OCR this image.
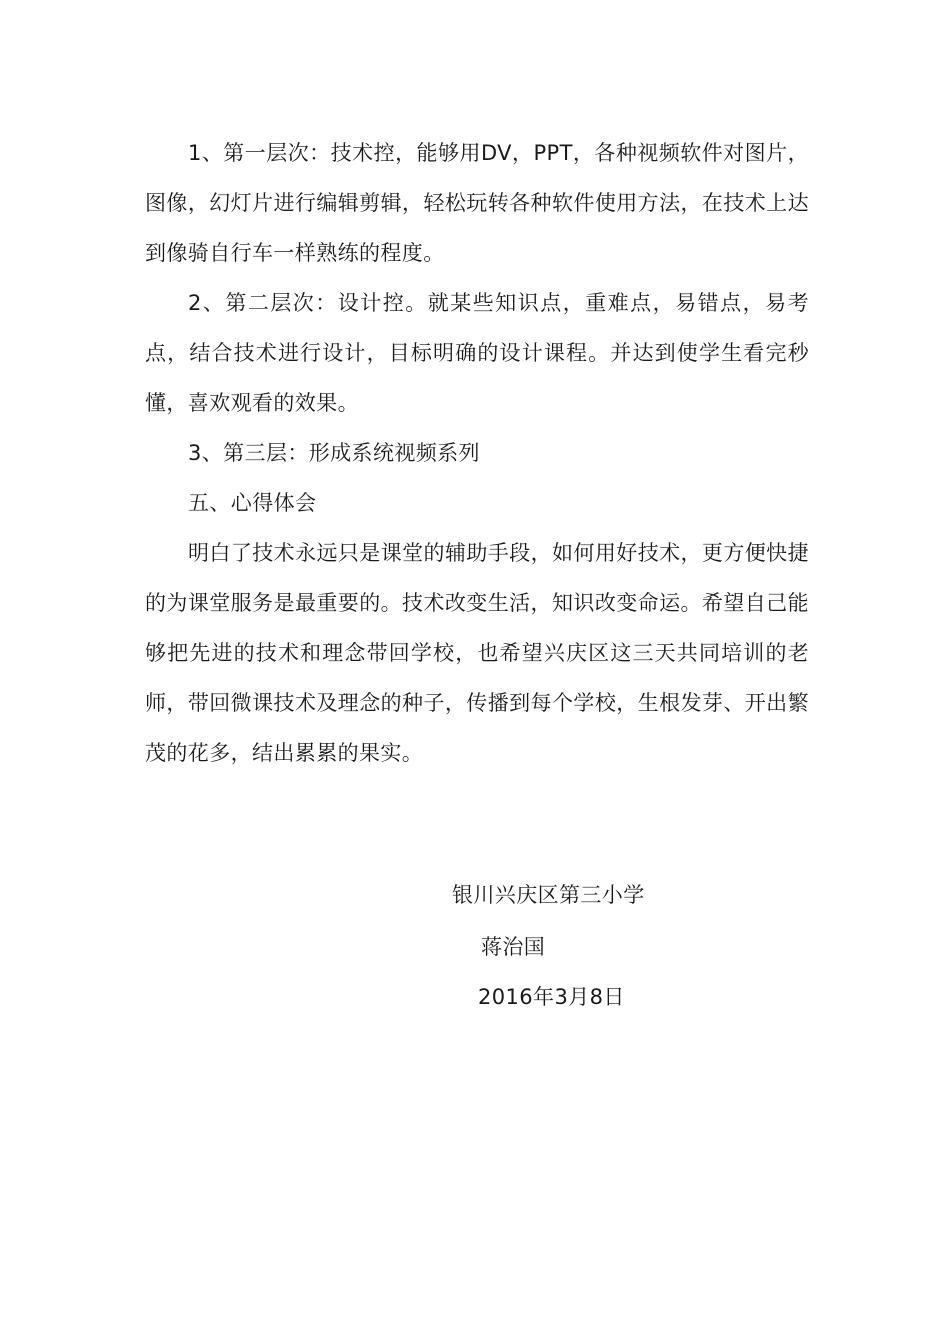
1、第一层次：技术控，能够用DV，PPT，各种视频软件对图片，图像，幻灯片进行编辑剪辑，轻松玩转各种软件使用方法，在技术上达到像骑自行车一样熟练的程度。

2、第二层次：设计控。就某些知识点，重难点，易错点，易考点，结合技术进行设计，目标明确的设计课程。并达到使学生看完秒懂，喜欢观看的效果。

3、第三层：形成系统视频系列

五、心得体会

明白了技术永远只是课堂的辅助手段，如何用好技术，更方便快捷的为课堂服务是最重要的。技术改变生活，知识改变命运。希望自己能够把先进的技术和理念带回学校，也希望兴庆区这三天共同培训的老师，带回微课技术及理念的种子，传播到每个学校，生根发芽、开出繁茂的花多，结出累累的果实。

银川兴庆区第三小学
蒋治国
2016年3月8日
